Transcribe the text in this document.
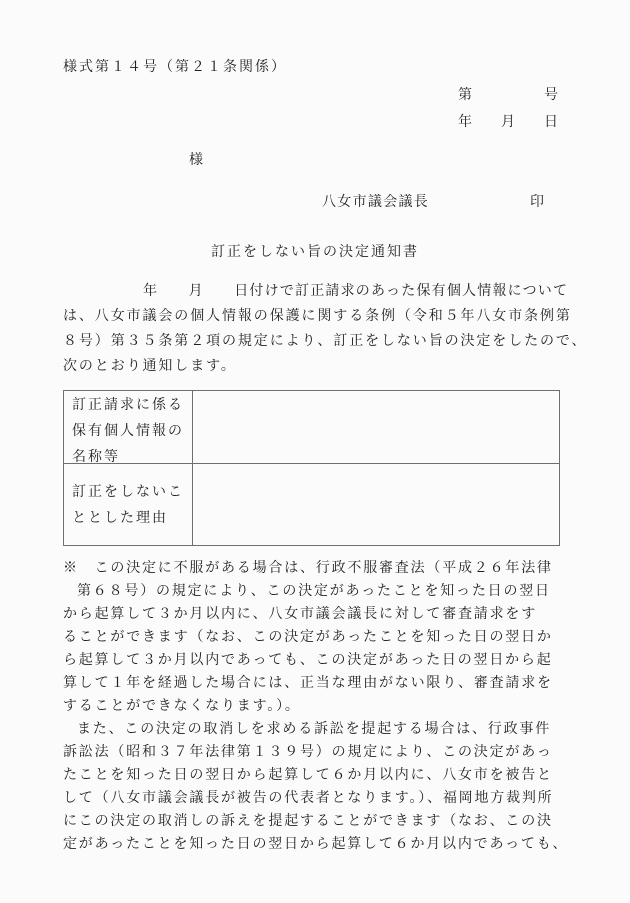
様式第１４号（第２１条関係）
第	号
年 月 日
様
八女市議会議長	印
訂正をしない旨の決定通知書
年　　月　　日付けで訂正請求のあった保有個人情報について
は、八女市議会の個人情報の保護に関する条例（令和５年八女市条例第
８号）第３５条第２項の規定により、訂正をしない旨の決定をしたので、
次のとおり通知します。
訂正請求に係る
保有個人情報の
名称等
訂正をしないこ
ととした理由
※　この決定に不服がある場合は、行政不服審査法（平成２６年法律
第６８号）の規定により、この決定があったことを知った日の翌日
から起算して３か月以内に、八女市議会議長に対して審査請求をす
ることができます（なお、この決定があったことを知った日の翌日か
ら起算して３か月以内であっても、この決定があった日の翌日から起
算して１年を経過した場合には、正当な理由がない限り、審査請求を
することができなくなります。）。
また、この決定の取消しを求める訴訟を提起する場合は、行政事件
訴訟法（昭和３７年法律第１３９号）の規定により、この決定があっ
たことを知った日の翌日から起算して６か月以内に、八女市を被告と
して（八女市議会議長が被告の代表者となります。）、福岡地方裁判所
にこの決定の取消しの訴えを提起することができます（なお、この決
定があったことを知った日の翌日から起算して６か月以内であっても、
